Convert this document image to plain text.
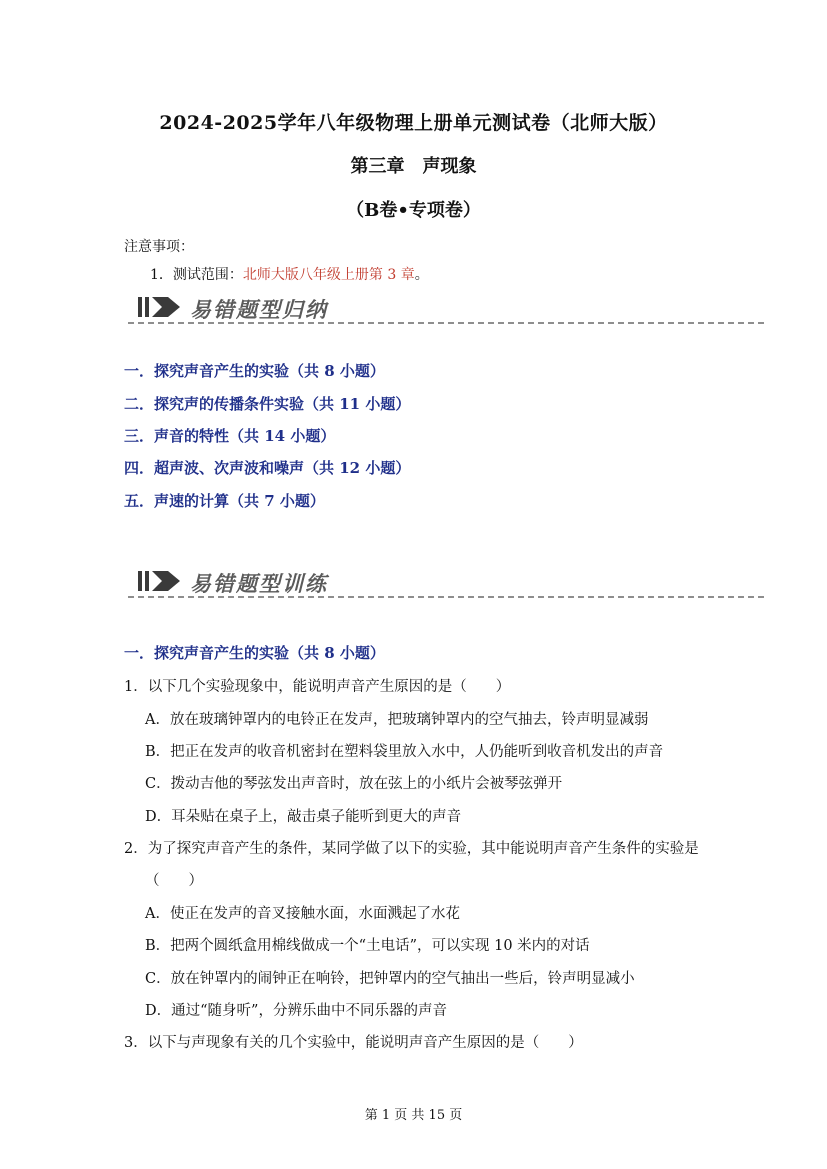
2024-2025学年八年级物理上册单元测试卷（北师大版）
第三章　声现象
（B卷•专项卷）
注意事项：
1．测试范围：北师大版八年级上册第 3 章。
易错题型归纳
一．探究声音产生的实验（共 8 小题）
二．探究声的传播条件实验（共 11 小题）
三．声音的特性（共 14 小题）
四．超声波、次声波和噪声（共 12 小题）
五．声速的计算（共 7 小题）
易错题型训练
一．探究声音产生的实验（共 8 小题）
1．以下几个实验现象中，能说明声音产生原因的是（　　）
A．放在玻璃钟罩内的电铃正在发声，把玻璃钟罩内的空气抽去，铃声明显减弱
B．把正在发声的收音机密封在塑料袋里放入水中，人仍能听到收音机发出的声音
C．拨动吉他的琴弦发出声音时，放在弦上的小纸片会被琴弦弹开
D．耳朵贴在桌子上，敲击桌子能听到更大的声音
2．为了探究声音产生的条件，某同学做了以下的实验，其中能说明声音产生条件的实验是
（　　）
A．使正在发声的音叉接触水面，水面溅起了水花
B．把两个圆纸盒用棉线做成一个“土电话”，可以实现 10 米内的对话
C．放在钟罩内的闹钟正在响铃，把钟罩内的空气抽出一些后，铃声明显减小
D．通过“随身听”，分辨乐曲中不同乐器的声音
3．以下与声现象有关的几个实验中，能说明声音产生原因的是（　　）
第 1 页 共 15 页
